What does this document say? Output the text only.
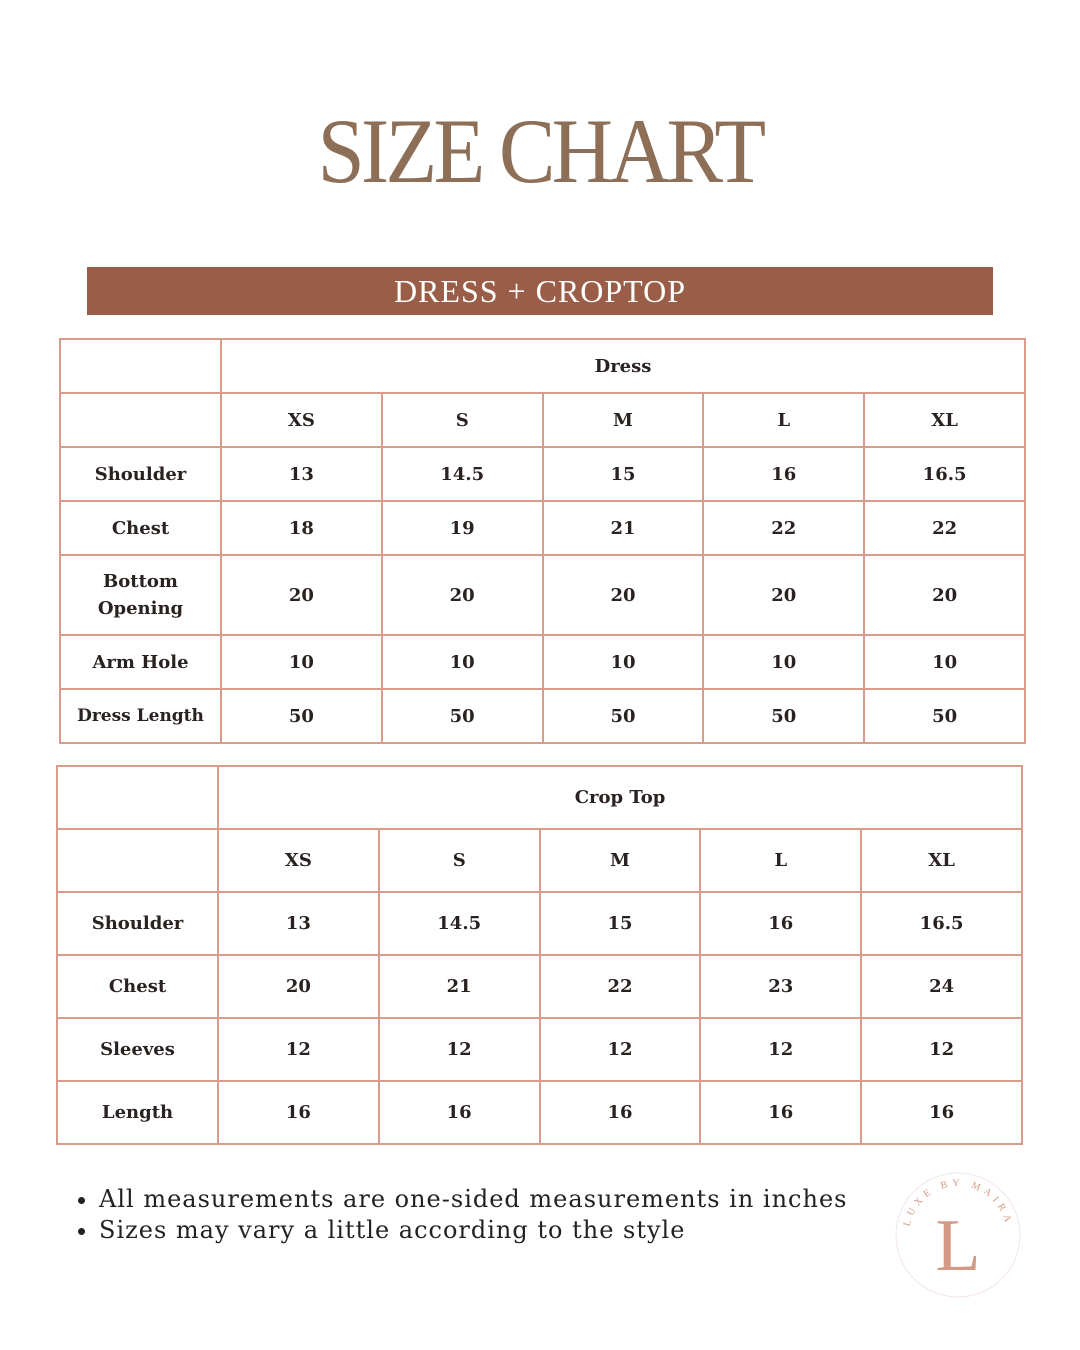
SIZE CHART
DRESS + CROPTOP
	Dress				
	XS	S	M	L	XL
Shoulder	13	14.5	15	16	16.5
Chest	18	19	21	22	22
Bottom Opening	20	20	20	20	20
Arm Hole	10	10	10	10	10
Dress Length	50	50	50	50	50
	Crop Top				
	XS	S	M	L	XL
Shoulder	13	14.5	15	16	16.5
Chest	20	21	22	23	24
Sleeves	12	12	12	12	12
Length	16	16	16	16	16
• All measurements are one-sided measurements in inches
• Sizes may vary a little according to the style	LUXE BY MAIRA
L
